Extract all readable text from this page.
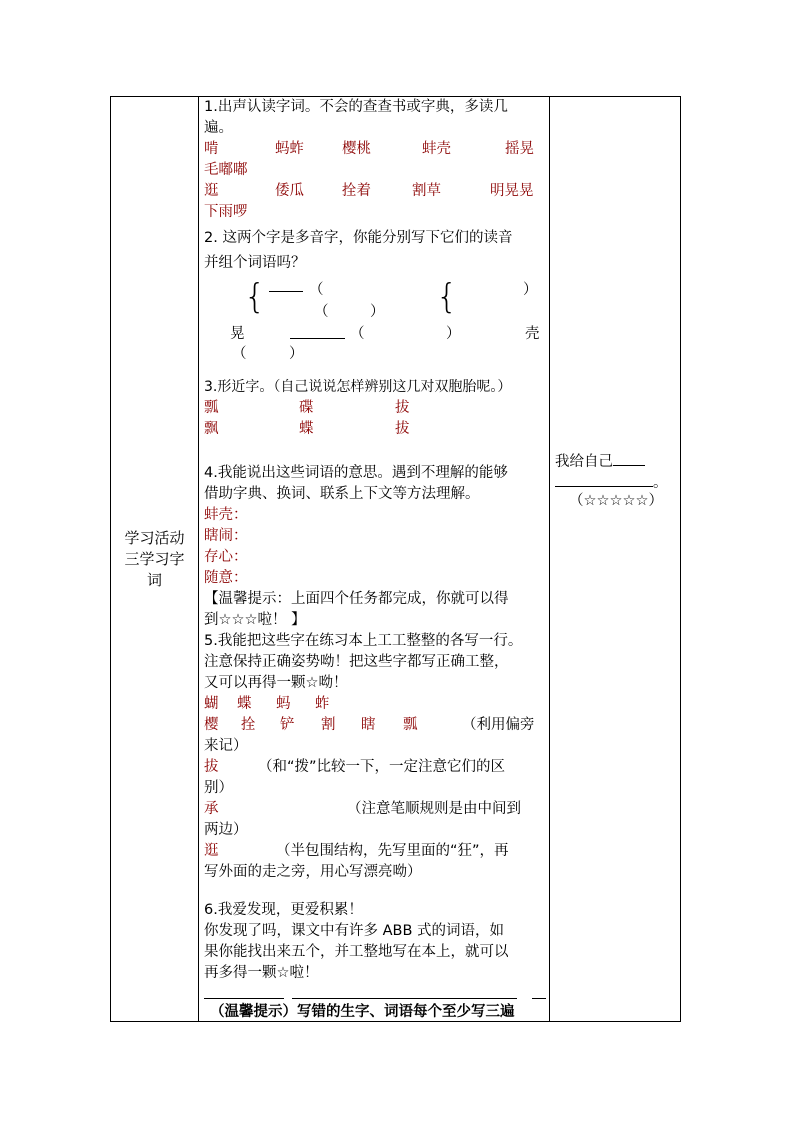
学习活动三学习字词
1.出声认读字词。不会的查查书或字典，多读几
遍。
啃	蚂蚱	樱桃	蚌壳	摇晃
毛嘟嘟
逛	倭瓜	拴着	割草	明晃晃
下雨啰
2. 这两个字是多音字，你能分别写下它们的读音
并组个词语吗？
{	{
（	）
（	）
晃	（	）	壳
（	）
3.形近字。（自己说说怎样辨别这几对双胞胎呢。）
瓢	碟	拔
飘	蝶	拔
4.我能说出这些词语的意思。遇到不理解的能够
借助字典、换词、联系上下文等方法理解。
蚌壳：
瞎闹：
存心：
随意：
【温馨提示：上面四个任务都完成，你就可以得
到☆☆☆啦！ 】
5.我能把这些字在练习本上工工整整的各写一行。
注意保持正确姿势呦！把这些字都写正确工整，
又可以再得一颗☆呦！
蝴 蝶 蚂 蚱
樱 拴 铲 割 瞎 瓢	（利用偏旁
来记）
拔	（和“拨”比较一下，一定注意它们的区
别）
承	（注意笔顺规则是由中间到
两边）
逛	（半包围结构，先写里面的“狂”，再
写外面的走之旁，用心写漂亮呦）
6.我爱发现，更爱积累！
你发现了吗，课文中有许多 ABB 式的词语，如
果你能找出来五个，并工整地写在本上，就可以
再多得一颗☆啦！
（温馨提示）写错的生字、词语每个至少写三遍
我给自己
。
（☆☆☆☆☆）
